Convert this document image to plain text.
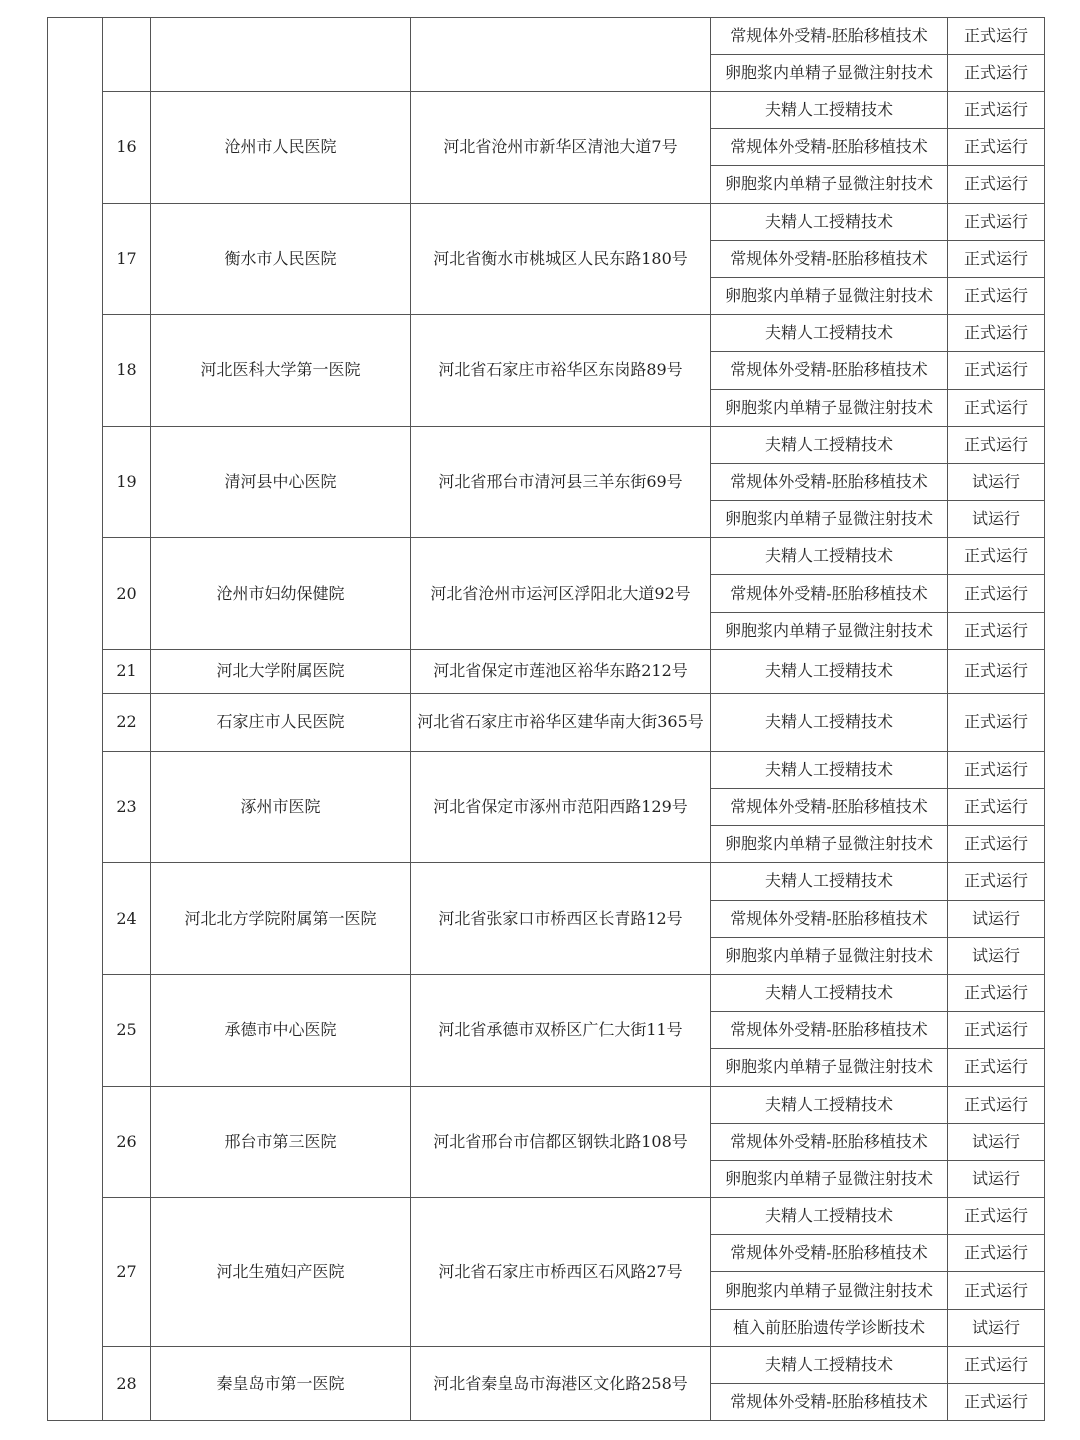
				常规体外受精-胚胎移植技术	正式运行
				卵胞浆内单精子显微注射技术	正式运行
	16	沧州市人民医院	河北省沧州市新华区清池大道7号	夫精人工授精技术	正式运行
				常规体外受精-胚胎移植技术	正式运行
				卵胞浆内单精子显微注射技术	正式运行
	17	衡水市人民医院	河北省衡水市桃城区人民东路180号	夫精人工授精技术	正式运行
				常规体外受精-胚胎移植技术	正式运行
				卵胞浆内单精子显微注射技术	正式运行
	18	河北医科大学第一医院	河北省石家庄市裕华区东岗路89号	夫精人工授精技术	正式运行
				常规体外受精-胚胎移植技术	正式运行
				卵胞浆内单精子显微注射技术	正式运行
	19	清河县中心医院	河北省邢台市清河县三羊东街69号	夫精人工授精技术	正式运行
				常规体外受精-胚胎移植技术	试运行
				卵胞浆内单精子显微注射技术	试运行
	20	沧州市妇幼保健院	河北省沧州市运河区浮阳北大道92号	夫精人工授精技术	正式运行
				常规体外受精-胚胎移植技术	正式运行
				卵胞浆内单精子显微注射技术	正式运行
	21	河北大学附属医院	河北省保定市莲池区裕华东路212号	夫精人工授精技术	正式运行
	22	石家庄市人民医院	河北省石家庄市裕华区建华南大街365号	夫精人工授精技术	正式运行
	23	涿州市医院	河北省保定市涿州市范阳西路129号	夫精人工授精技术	正式运行
				常规体外受精-胚胎移植技术	正式运行
				卵胞浆内单精子显微注射技术	正式运行
	24	河北北方学院附属第一医院	河北省张家口市桥西区长青路12号	夫精人工授精技术	正式运行
				常规体外受精-胚胎移植技术	试运行
				卵胞浆内单精子显微注射技术	试运行
	25	承德市中心医院	河北省承德市双桥区广仁大街11号	夫精人工授精技术	正式运行
				常规体外受精-胚胎移植技术	正式运行
				卵胞浆内单精子显微注射技术	正式运行
	26	邢台市第三医院	河北省邢台市信都区钢铁北路108号	夫精人工授精技术	正式运行
				常规体外受精-胚胎移植技术	试运行
				卵胞浆内单精子显微注射技术	试运行
	27	河北生殖妇产医院	河北省石家庄市桥西区石风路27号	夫精人工授精技术	正式运行
				常规体外受精-胚胎移植技术	正式运行
				卵胞浆内单精子显微注射技术	正式运行
				植入前胚胎遗传学诊断技术	试运行
	28	秦皇岛市第一医院	河北省秦皇岛市海港区文化路258号	夫精人工授精技术	正式运行
				常规体外受精-胚胎移植技术	正式运行
